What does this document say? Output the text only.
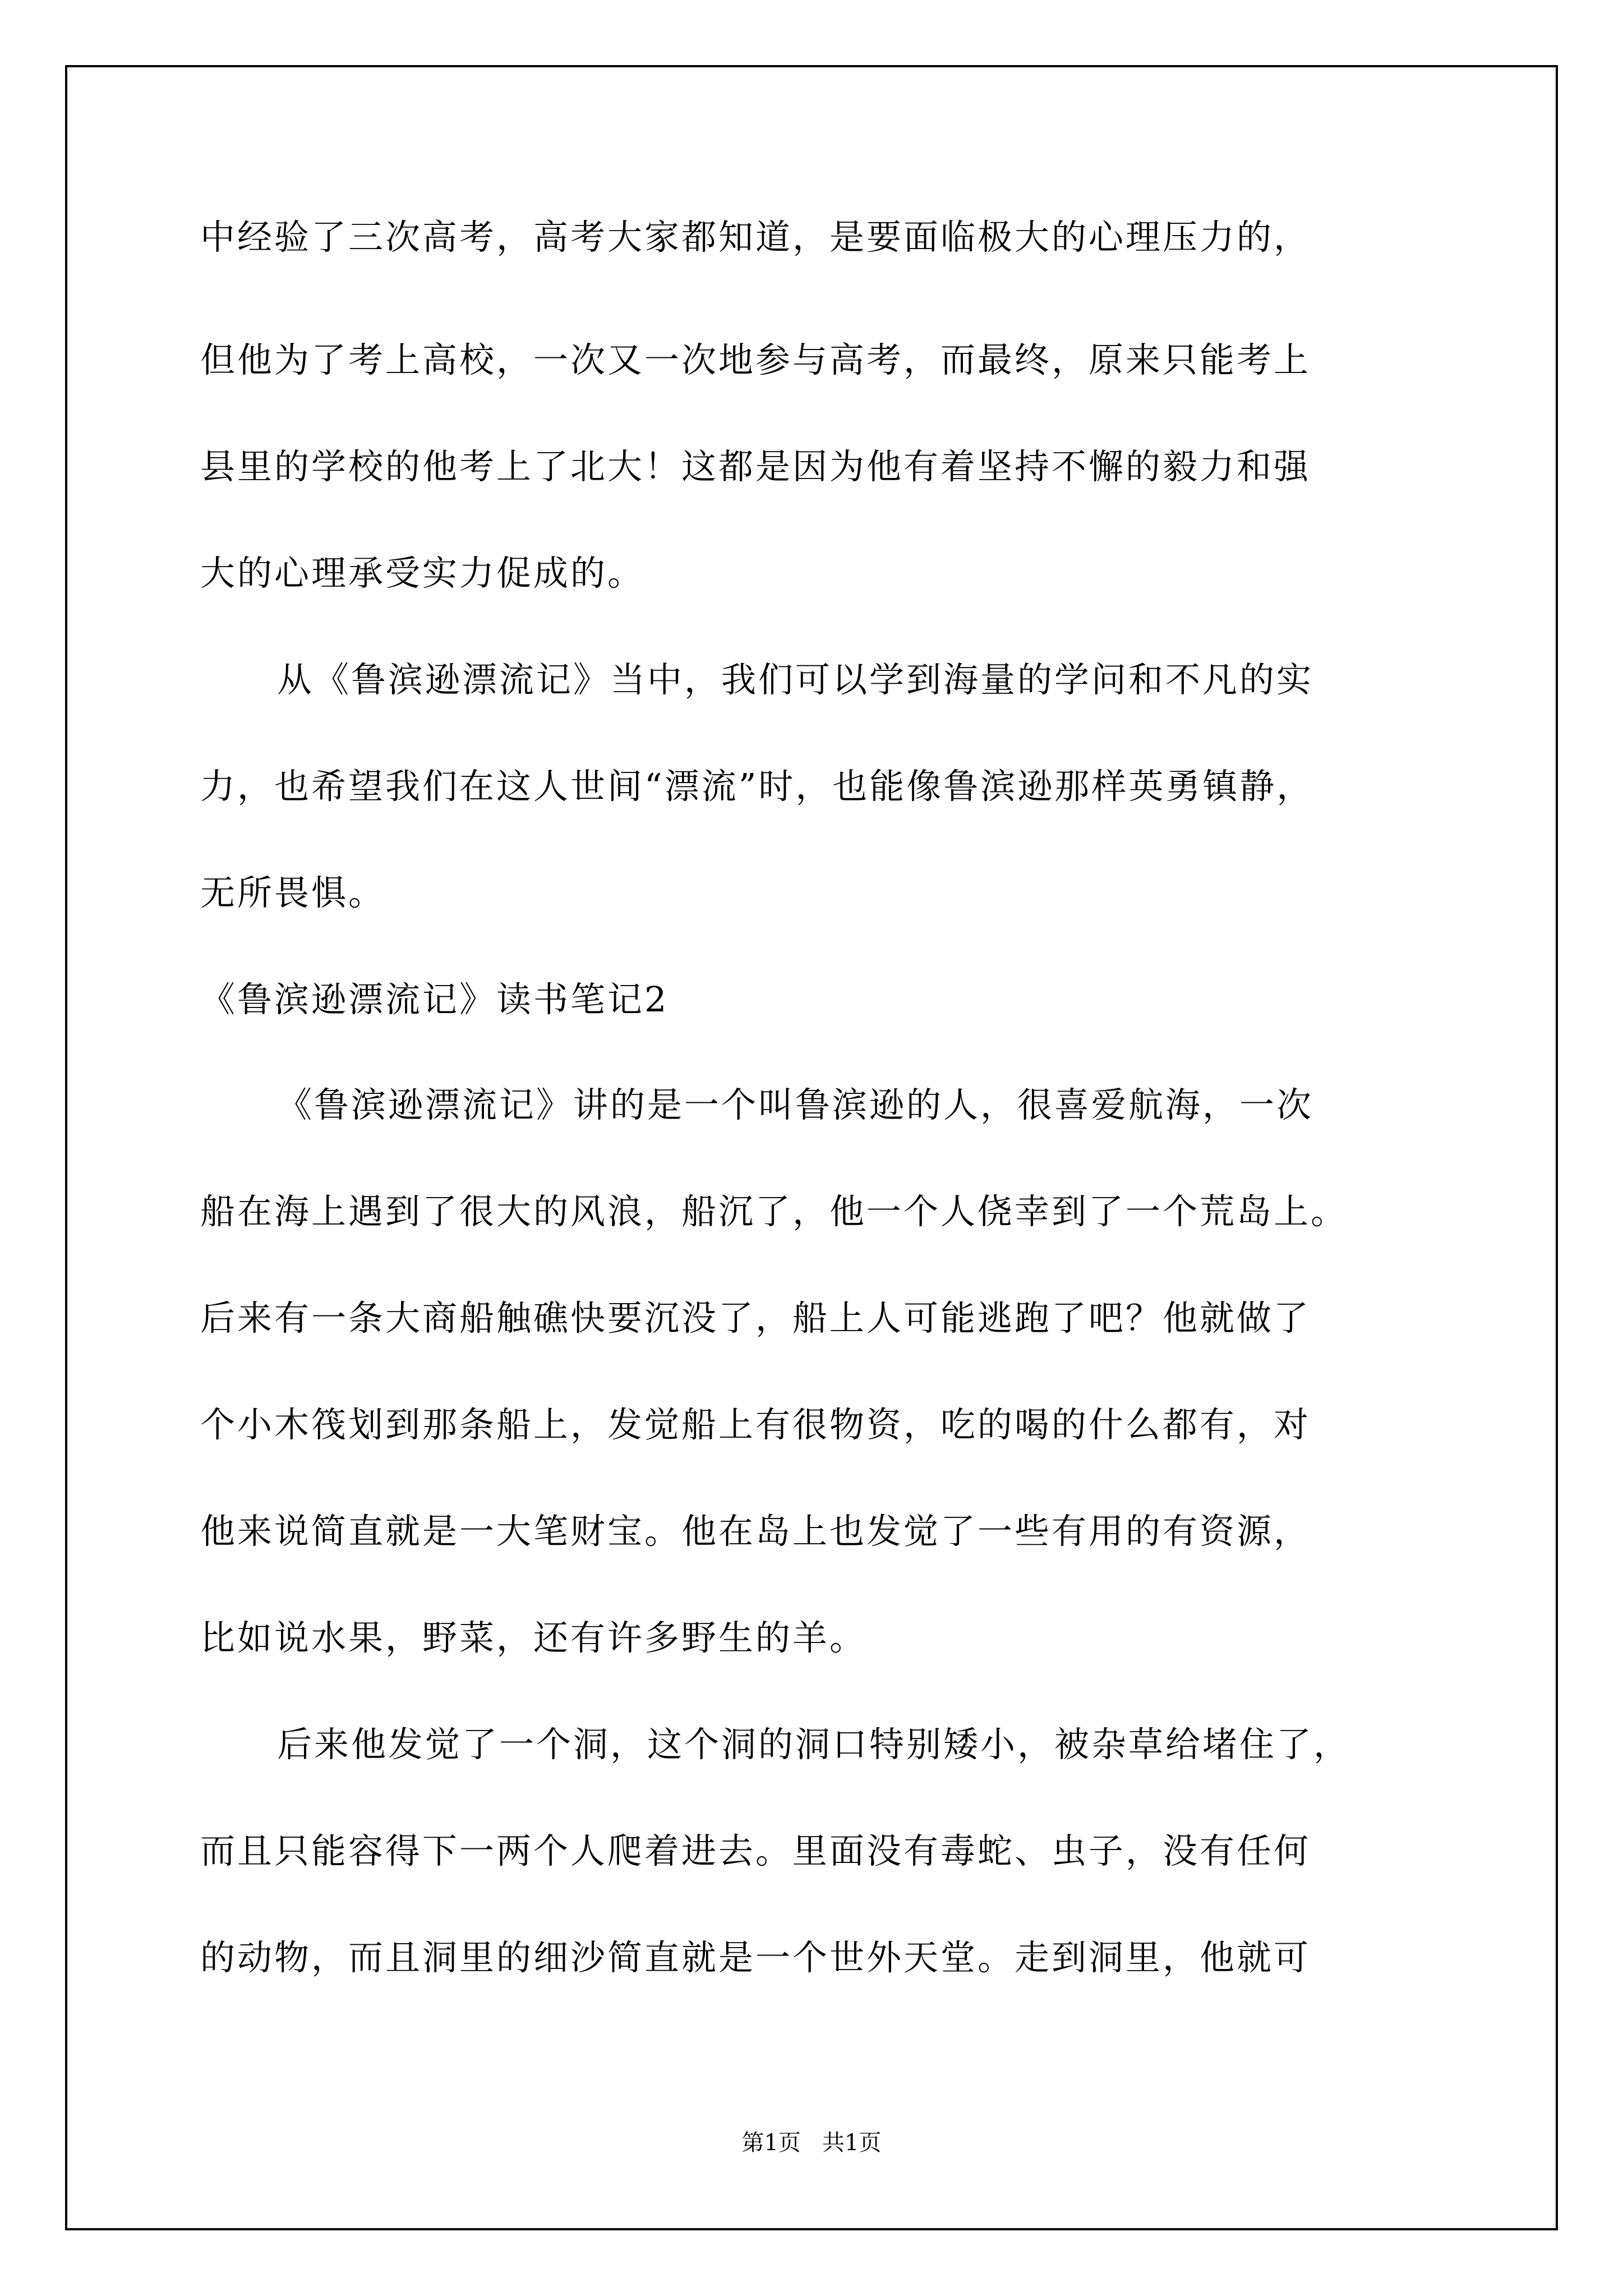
中经验了三次高考，高考大家都知道，是要面临极大的心理压力的，
但他为了考上高校，一次又一次地参与高考，而最终，原来只能考上
县里的学校的他考上了北大！这都是因为他有着坚持不懈的毅力和强
大的心理承受实力促成的。
从《鲁滨逊漂流记》当中，我们可以学到海量的学问和不凡的实
力，也希望我们在这人世间“漂流”时，也能像鲁滨逊那样英勇镇静，
无所畏惧。
《鲁滨逊漂流记》读书笔记2
《鲁滨逊漂流记》讲的是一个叫鲁滨逊的人，很喜爱航海，一次
船在海上遇到了很大的风浪，船沉了，他一个人侥幸到了一个荒岛上。
后来有一条大商船触礁快要沉没了，船上人可能逃跑了吧？他就做了
个小木筏划到那条船上，发觉船上有很物资，吃的喝的什么都有，对
他来说简直就是一大笔财宝。他在岛上也发觉了一些有用的有资源，
比如说水果，野菜，还有许多野生的羊。
后来他发觉了一个洞，这个洞的洞口特别矮小，被杂草给堵住了，
而且只能容得下一两个人爬着进去。里面没有毒蛇、虫子，没有任何
的动物，而且洞里的细沙简直就是一个世外天堂。走到洞里，他就可
第1页   共1页
